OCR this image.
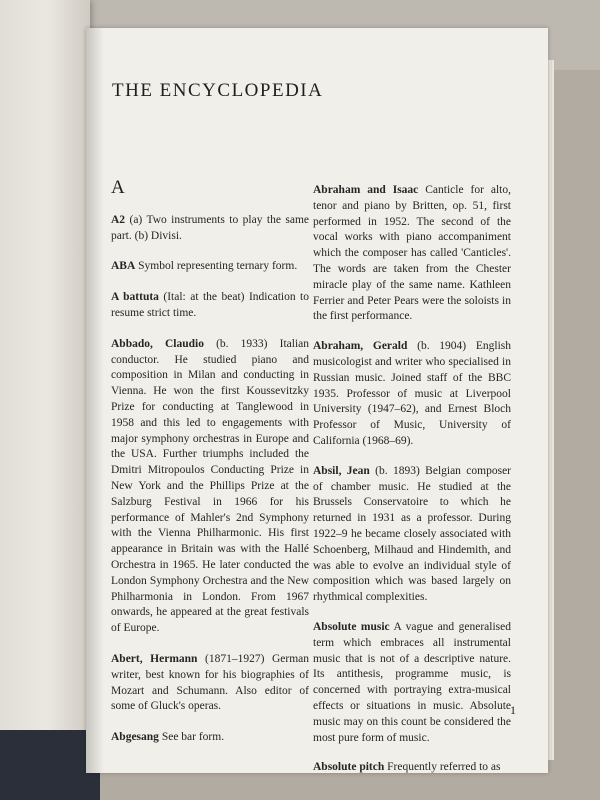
THE ENCYCLOPEDIA
A

A2 (a) Two instruments to play the same part. (b) Divisi.

ABA Symbol representing ternary form.

A battuta (Ital: at the beat) Indication to resume strict time.

Abbado, Claudio (b. 1933) Italian conductor. He studied piano and composition in Milan and conducting in Vienna. He won the first Koussevitzky Prize for conducting at Tanglewood in 1958 and this led to engagements with major symphony orchestras in Europe and the USA. Further triumphs included the Dmitri Mitropoulos Conducting Prize in New York and the Phillips Prize at the Salzburg Festival in 1966 for his performance of Mahler's 2nd Symphony with the Vienna Philharmonic. His first appearance in Britain was with the Hallé Orchestra in 1965. He later conducted the London Symphony Orchestra and the New Philharmonia in London. From 1967 onwards, he appeared at the great festivals of Europe.

Abert, Hermann (1871–1927) German writer, best known for his biographies of Mozart and Schumann. Also editor of some of Gluck's operas.

Abgesang See bar form.

Abraham and Isaac Canticle for alto, tenor and piano by Britten, op. 51, first performed in 1952. The second of the vocal works with piano accompaniment which the composer has called 'Canticles'. The words are taken from the Chester miracle play of the same name. Kathleen Ferrier and Peter Pears were the soloists in the first performance.

Abraham, Gerald (b. 1904) English musicologist and writer who specialised in Russian music. Joined staff of the BBC 1935. Professor of music at Liverpool University (1947–62), and Ernest Bloch Professor of Music, University of California (1968–69).

Absil, Jean (b. 1893) Belgian composer of chamber music. He studied at the Brussels Conservatoire to which he returned in 1931 as a professor. During 1922–9 he became closely associated with Schoenberg, Milhaud and Hindemith, and was able to evolve an individual style of composition which was based largely on rhythmical complexities.

Absolute music A vague and generalised term which embraces all instrumental music that is not of a descriptive nature. Its antithesis, programme music, is concerned with portraying extra-musical effects or situations in music. Absolute music may on this count be considered the most pure form of music.

Absolute pitch Frequently referred to as

1
